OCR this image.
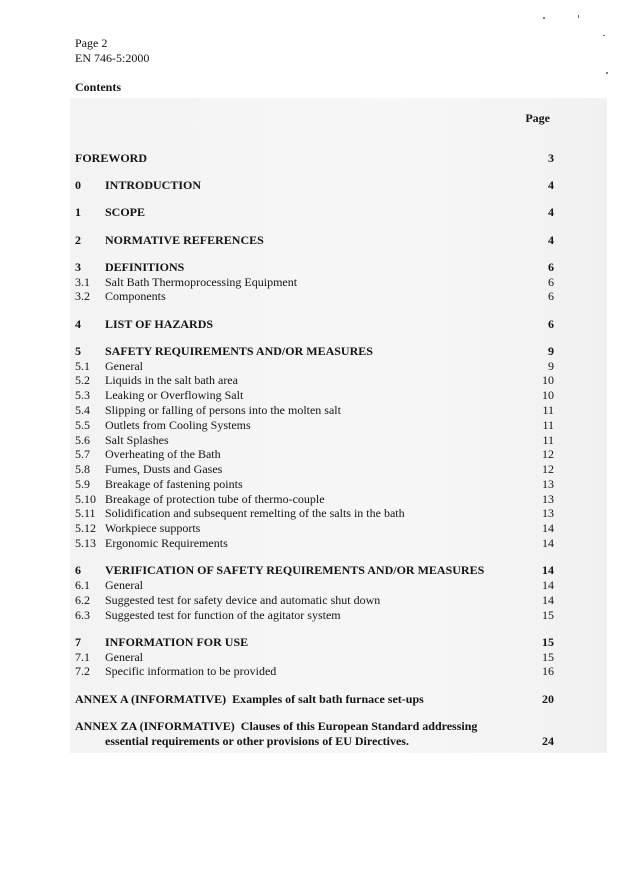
Page 2
EN 746-5:2000
Contents
Page
FOREWORD	3
0	INTRODUCTION	4
1	SCOPE	4
2	NORMATIVE REFERENCES	4
3	DEFINITIONS	6
3.1	Salt Bath Thermoprocessing Equipment	6
3.2	Components	6
4	LIST OF HAZARDS	6
5	SAFETY REQUIREMENTS AND/OR MEASURES	9
5.1	General	9
5.2	Liquids in the salt bath area	10
5.3	Leaking or Overflowing Salt	10
5.4	Slipping or falling of persons into the molten salt	11
5.5	Outlets from Cooling Systems	11
5.6	Salt Splashes	11
5.7	Overheating of the Bath	12
5.8	Fumes, Dusts and Gases	12
5.9	Breakage of fastening points	13
5.10 Breakage of protection tube of thermo-couple	13
5.11 Solidification and subsequent remelting of the salts in the bath	13
5.12 Workpiece supports	14
5.13 Ergonomic Requirements	14
6	VERIFICATION OF SAFETY REQUIREMENTS AND/OR MEASURES	14
6.1	General	14
6.2	Suggested test for safety device and automatic shut down	14
6.3	Suggested test for function of the agitator system	15
7	INFORMATION FOR USE	15
7.1	General	15
7.2	Specific information to be provided	16
ANNEX A (INFORMATIVE)  Examples of salt bath furnace set-ups	20
ANNEX ZA (INFORMATIVE)  Clauses of this European Standard addressing
essential requirements or other provisions of EU Directives.	24
